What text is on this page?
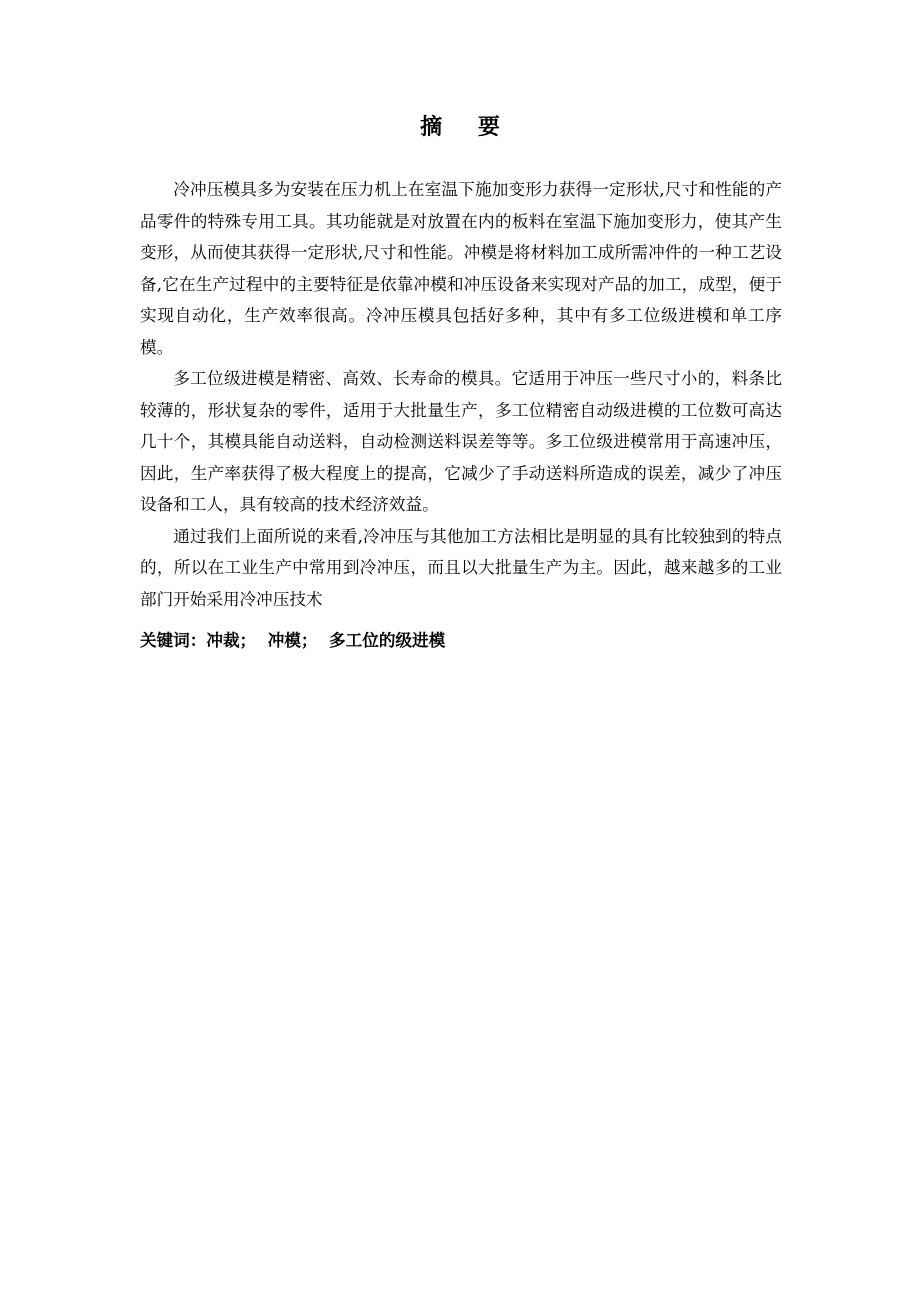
摘 要

冷冲压模具多为安装在压力机上在室温下施加变形力获得一定形状,尺寸和性能的产品零件的特殊专用工具。其功能就是对放置在内的板料在室温下施加变形力，使其产生变形，从而使其获得一定形状,尺寸和性能。冲模是将材料加工成所需冲件的一种工艺设备,它在生产过程中的主要特征是依靠冲模和冲压设备来实现对产品的加工，成型，便于实现自动化，生产效率很高。冷冲压模具包括好多种，其中有多工位级进模和单工序模。

多工位级进模是精密、高效、长寿命的模具。它适用于冲压一些尺寸小的，料条比较薄的，形状复杂的零件，适用于大批量生产，多工位精密自动级进模的工位数可高达几十个，其模具能自动送料，自动检测送料误差等等。多工位级进模常用于高速冲压，因此，生产率获得了极大程度上的提高，它减少了手动送料所造成的误差，减少了冲压设备和工人，具有较高的技术经济效益。

通过我们上面所说的来看,冷冲压与其他加工方法相比是明显的具有比较独到的特点的，所以在工业生产中常用到冷冲压，而且以大批量生产为主。因此，越来越多的工业部门开始采用冷冲压技术

关键词：冲裁；  冲模；  多工位的级进模
